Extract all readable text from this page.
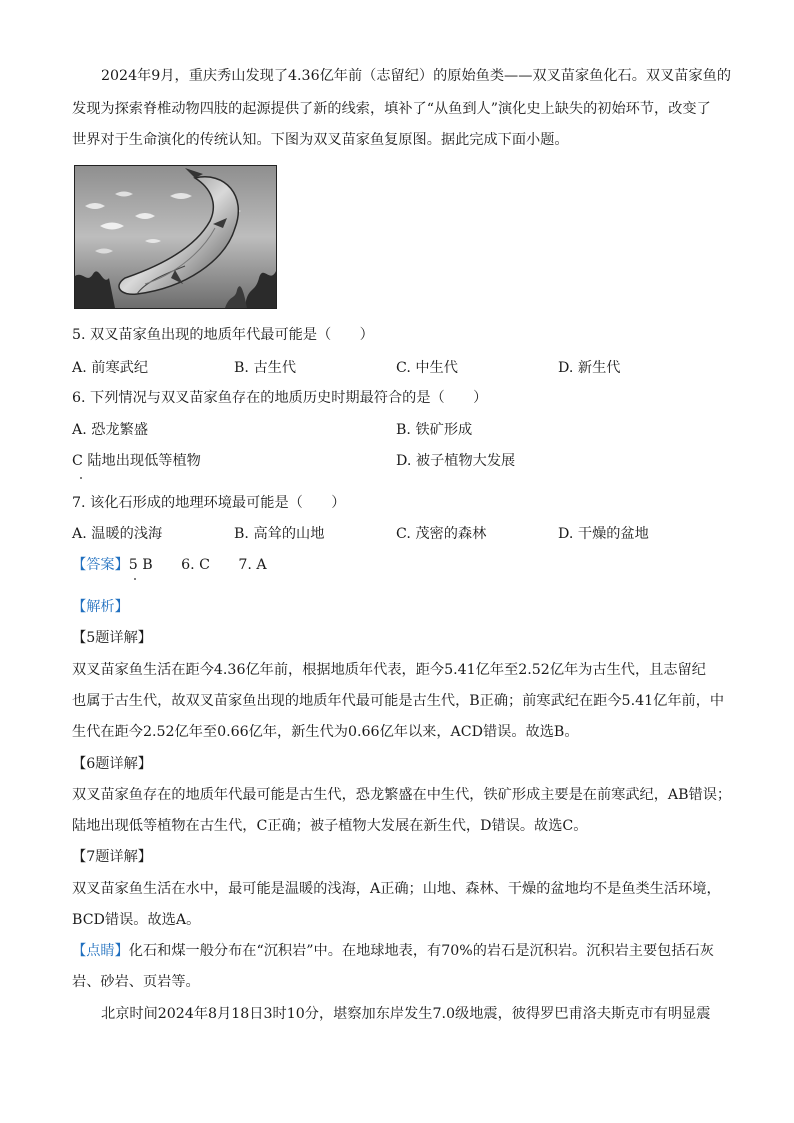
2024年9月，重庆秀山发现了4.36亿年前（志留纪）的原始鱼类——双叉苗家鱼化石。双叉苗家鱼的
发现为探索脊椎动物四肢的起源提供了新的线索，填补了“从鱼到人”演化史上缺失的初始环节，改变了
世界对于生命演化的传统认知。下图为双叉苗家鱼复原图。据此完成下面小题。
5. 双叉苗家鱼出现的地质年代最可能是（　　）
A. 前寒武纪	B. 古生代	C. 中生代	D. 新生代
6. 下列情况与双叉苗家鱼存在的地质历史时期最符合的是（　　）
A. 恐龙繁盛	B. 铁矿形成
C 陆地出现低等植物	D. 被子植物大发展
7. 该化石形成的地理环境最可能是（　　）
A. 温暖的浅海	B. 高耸的山地	C. 茂密的森林	D. 干燥的盆地
【答案】5 B　　6. C　　7. A
【解析】
【5题详解】
双叉苗家鱼生活在距今4.36亿年前，根据地质年代表，距今5.41亿年至2.52亿年为古生代，且志留纪
也属于古生代，故双叉苗家鱼出现的地质年代最可能是古生代，B正确；前寒武纪在距今5.41亿年前，中
生代在距今2.52亿年至0.66亿年，新生代为0.66亿年以来，ACD错误。故选B。
【6题详解】
双叉苗家鱼存在的地质年代最可能是古生代，恐龙繁盛在中生代，铁矿形成主要是在前寒武纪，AB错误；
陆地出现低等植物在古生代，C正确；被子植物大发展在新生代，D错误。故选C。
【7题详解】
双叉苗家鱼生活在水中，最可能是温暖的浅海，A正确；山地、森林、干燥的盆地均不是鱼类生活环境，
BCD错误。故选A。
【点睛】化石和煤一般分布在“沉积岩”中。在地球地表，有70%的岩石是沉积岩。沉积岩主要包括石灰
岩、砂岩、页岩等。
北京时间2024年8月18日3时10分，堪察加东岸发生7.0级地震，彼得罗巴甫洛夫斯克市有明显震
